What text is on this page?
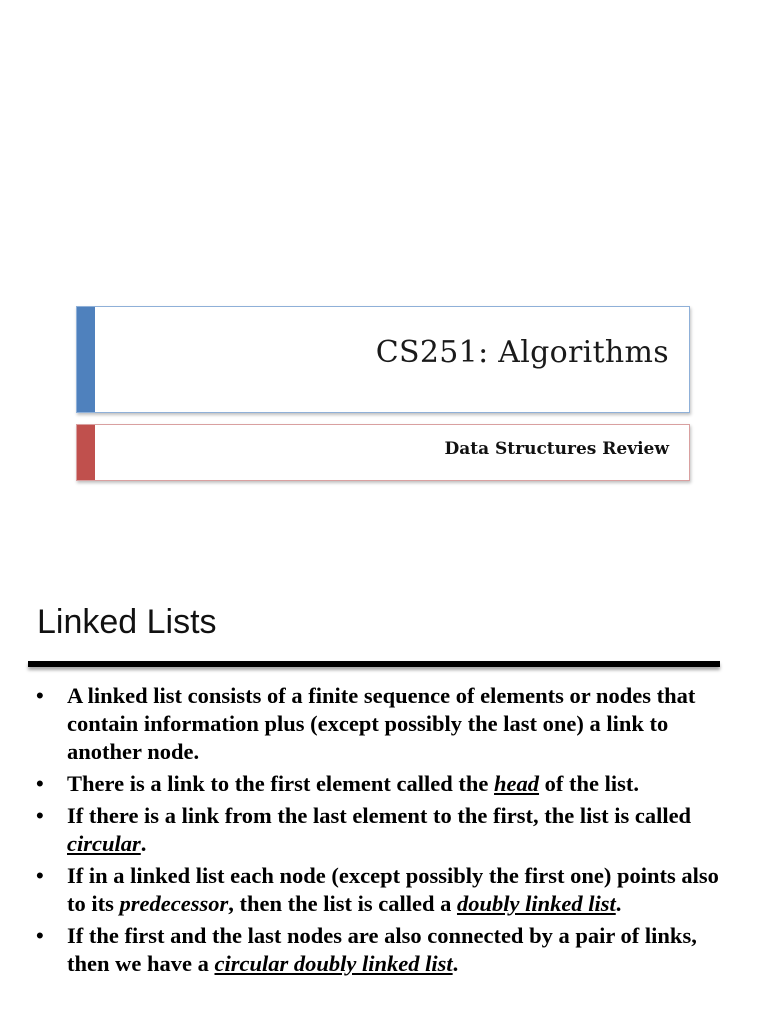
CS251: Algorithms
Data Structures Review
Linked Lists
• A linked list consists of a finite sequence of elements or nodes that contain information plus (except possibly the last one) a link to another node.
• There is a link to the first element called the head of the list.
• If there is a link from the last element to the first, the list is called circular.
• If in a linked list each node (except possibly the first one) points also to its predecessor, then the list is called a doubly linked list.
• If the first and the last nodes are also connected by a pair of links, then we have a circular doubly linked list.
